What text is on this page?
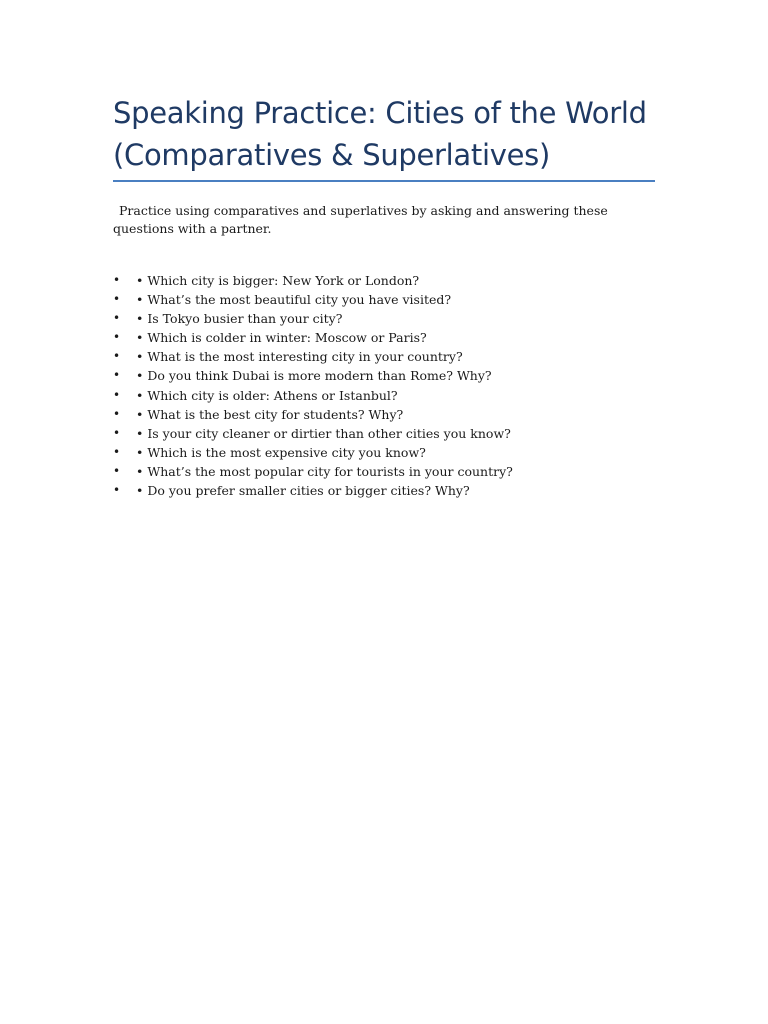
Speaking Practice: Cities of the World
(Comparatives & Superlatives)

Practice using comparatives and superlatives by asking and answering these questions with a partner.

• • Which city is bigger: New York or London?
• • What’s the most beautiful city you have visited?
• • Is Tokyo busier than your city?
• • Which is colder in winter: Moscow or Paris?
• • What is the most interesting city in your country?
• • Do you think Dubai is more modern than Rome? Why?
• • Which city is older: Athens or Istanbul?
• • What is the best city for students? Why?
• • Is your city cleaner or dirtier than other cities you know?
• • Which is the most expensive city you know?
• • What’s the most popular city for tourists in your country?
• • Do you prefer smaller cities or bigger cities? Why?
